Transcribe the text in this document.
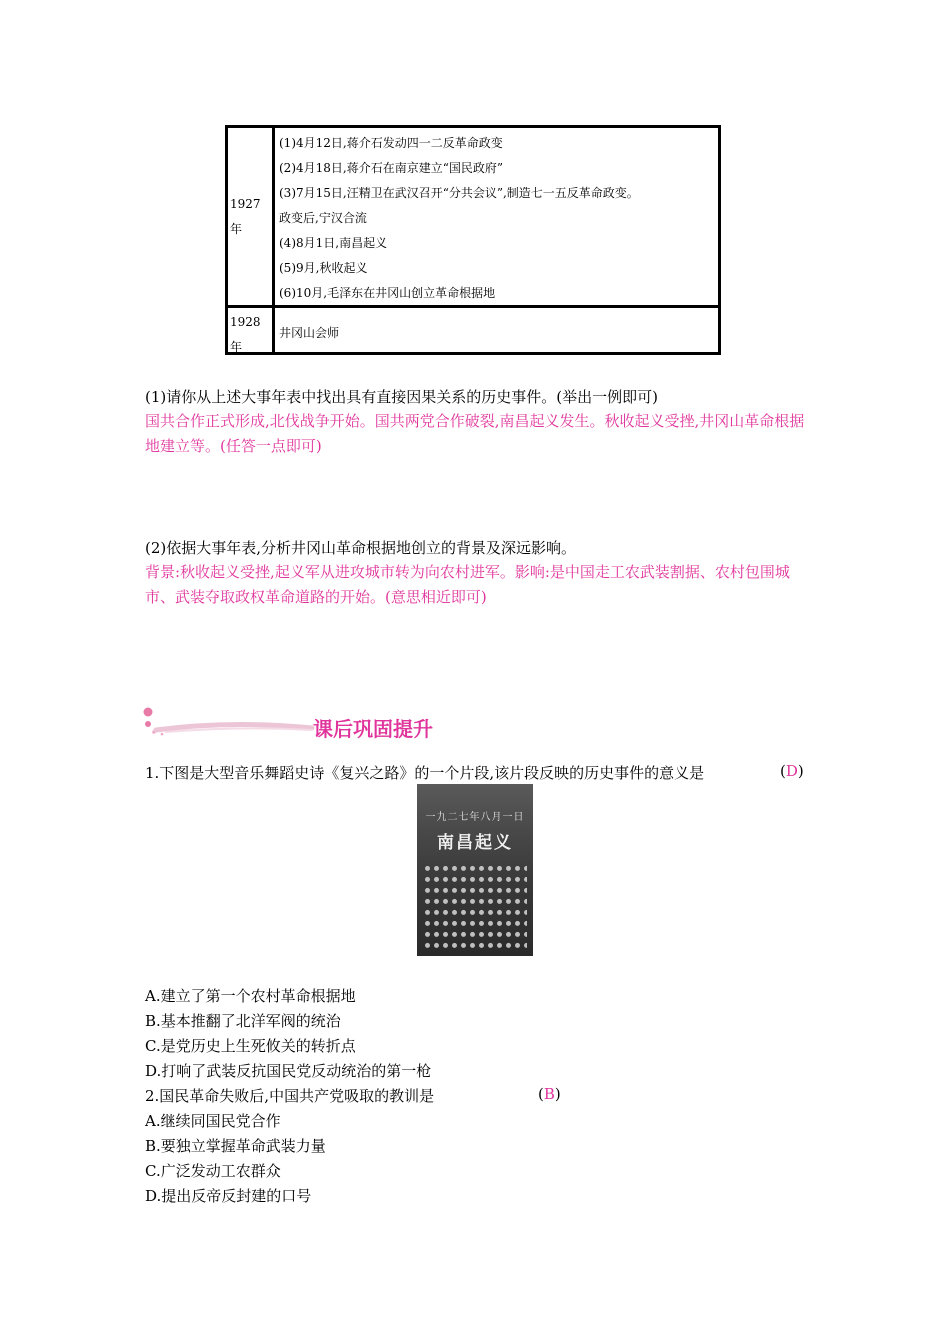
1927年
(1)4月12日,蒋介石发动四一二反革命政变
(2)4月18日,蒋介石在南京建立“国民政府”
(3)7月15日,汪精卫在武汉召开“分共会议”,制造七一五反革命政变。
政变后,宁汉合流
(4)8月1日,南昌起义
(5)9月,秋收起义
(6)10月,毛泽东在井冈山创立革命根据地
1928年
井冈山会师
(1)请你从上述大事年表中找出具有直接因果关系的历史事件。(举出一例即可)
国共合作正式形成,北伐战争开始。国共两党合作破裂,南昌起义发生。秋收起义受挫,井冈山革命根据地建立等。(任答一点即可)
(2)依据大事年表,分析井冈山革命根据地创立的背景及深远影响。
背景:秋收起义受挫,起义军从进攻城市转为向农村进军。影响:是中国走工农武装割据、农村包围城市、武装夺取政权革命道路的开始。(意思相近即可)
课后巩固提升
1.下图是大型音乐舞蹈史诗《复兴之路》的一个片段,该片段反映的历史事件的意义是	(D)
一九二七年八月一日
南昌起义
A.建立了第一个农村革命根据地
B.基本推翻了北洋军阀的统治
C.是党历史上生死攸关的转折点
D.打响了武装反抗国民党反动统治的第一枪
2.国民革命失败后,中国共产党吸取的教训是	(B)
A.继续同国民党合作
B.要独立掌握革命武装力量
C.广泛发动工农群众
D.提出反帝反封建的口号
